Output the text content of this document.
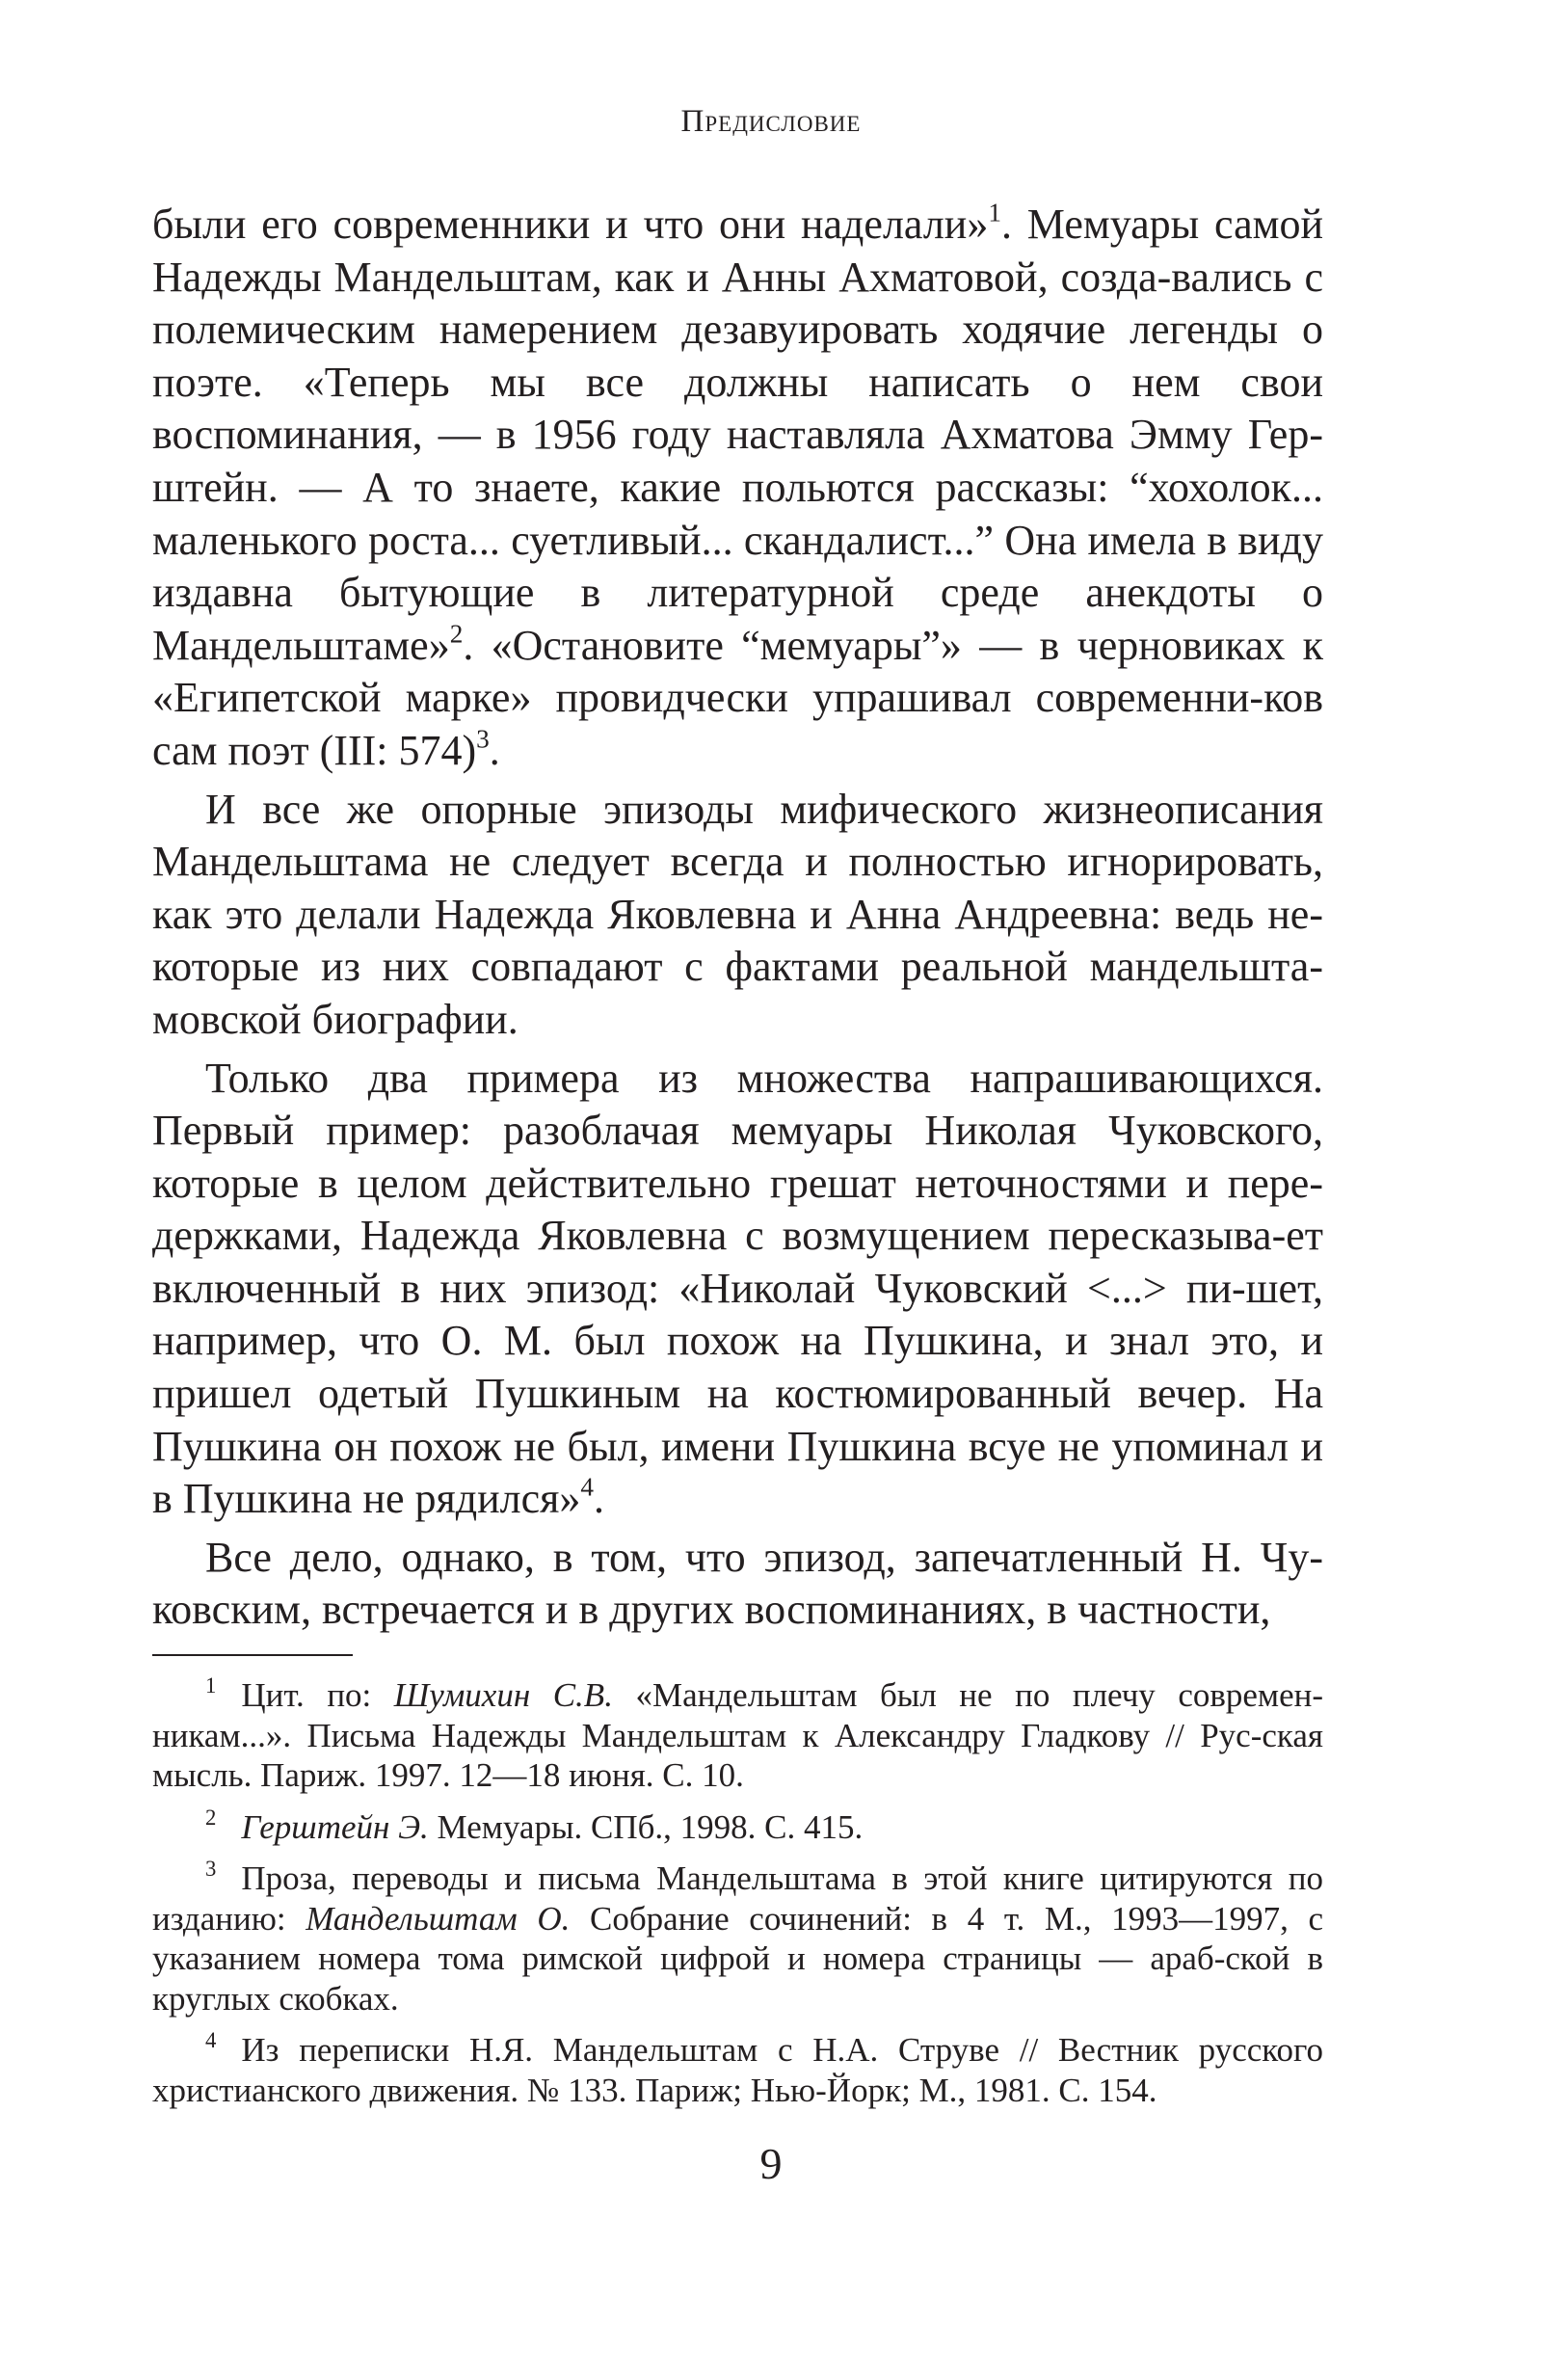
Предисловие

были его современники и что они наделали»$^1$. Мемуары самой Надежды Мандельштам, как и Анны Ахматовой, созда-вались с полемическим намерением дезавуировать ходячие легенды о поэте. «Теперь мы все должны написать о нем свои воспоминания, — в 1956 году наставляла Ахматова Эмму Гер-штейн. — А то знаете, какие польются рассказы: “хохолок... маленького роста... суетливый... скандалист...” Она имела в виду издавна бытующие в литературной среде анекдоты о Мандельштаме»$^2$. «Остановите “мемуары”» — в черновиках к «Египетской марке» провидчески упрашивал современни-ков сам поэт (III: 574)$^3$.

И все же опорные эпизоды мифического жизнеописания Мандельштама не следует всегда и полностью игнорировать, как это делали Надежда Яковлевна и Анна Андреевна: ведь не-которые из них совпадают с фактами реальной мандельшта-мовской биографии.

Только два примера из множества напрашивающихся. Первый пример: разоблачая мемуары Николая Чуковского, которые в целом действительно грешат неточностями и пере-держками, Надежда Яковлевна с возмущением пересказыва-ет включенный в них эпизод: «Николай Чуковский <...> пи-шет, например, что О. М. был похож на Пушкина, и знал это, и пришел одетый Пушкиным на костюмированный вечер. На Пушкина он похож не был, имени Пушкина всуе не упоминал и в Пушкина не рядился»$^4$.

Все дело, однако, в том, что эпизод, запечатленный Н. Чу-ковским, встречается и в других воспоминаниях, в частности,

$^1$ Цит. по: Шумихин С.В. «Мандельштам был не по плечу современ-никам...». Письма Надежды Мандельштам к Александру Гладкову // Рус-ская мысль. Париж. 1997. 12—18 июня. С. 10.

$^2$ Герштейн Э. Мемуары. СПб., 1998. С. 415.

$^3$ Проза, переводы и письма Мандельштама в этой книге цитируются по изданию: Мандельштам О. Собрание сочинений: в 4 т. М., 1993—1997, с указанием номера тома римской цифрой и номера страницы — араб-ской в круглых скобках.

$^4$ Из переписки Н.Я. Мандельштам с Н.А. Струве // Вестник русского христианского движения. № 133. Париж; Нью-Йорк; М., 1981. С. 154.

9
